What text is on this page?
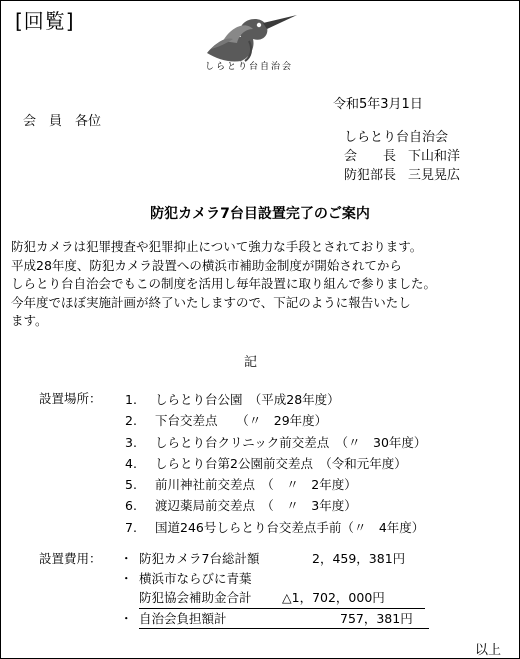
[回覧]
しらとり台自治会
令和5年3月1日
会　員　各位
しらとり台自治会
会　　長 下山和洋
防犯部長 三見晃広
防犯カメラ7台目設置完了のご案内
防犯カメラは犯罪捜査や犯罪抑止について強力な手段とされております。
平成28年度、防犯カメラ設置への横浜市補助金制度が開始されてから
しらとり台自治会でもこの制度を活用し毎年設置に取り組んで参りました。
今年度でほぼ実施計画が終了いたしますので、下記のように報告いたし
ます。
記
設置場所： 1.	しらとり台公園　（平成28年度）
2.	下台交差点　　（〃　29年度）
3.	しらとり台クリニック前交差点　（〃　30年度）
4.	しらとり台第2公園前交差点　（令和元年度）
5.	前川神社前交差点　（　〃　2年度）
6.	渡辺薬局前交差点　（　〃　3年度）
7.	国道246号しらとり台交差点手前（〃　4年度）
設置費用： ・ 防犯カメラ7台総計額	2，459，381円
・ 横浜市ならびに青葉
防犯協会補助金合計 △1，702，000円
・ 自治会負担額計	757，381円
以上
